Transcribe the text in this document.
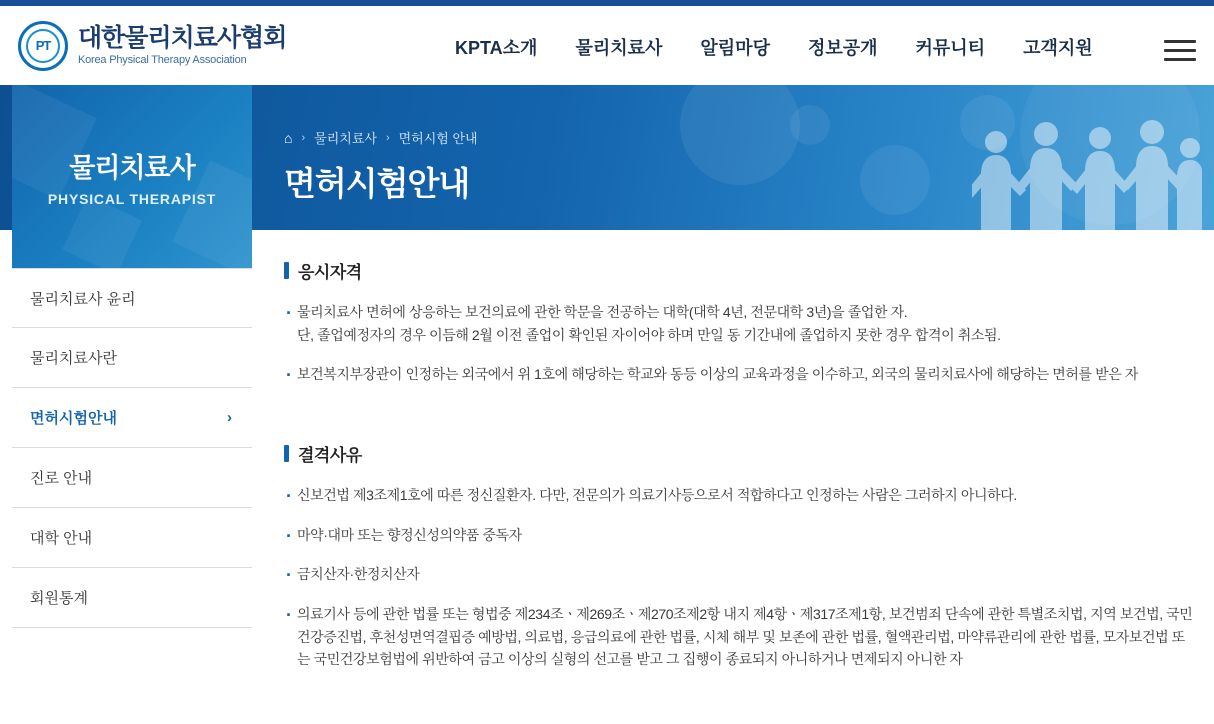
PT 대한물리치료사협회
Korea Physical Therapy Association
KPTA소개 물리치료사 알림마당 정보공개 커뮤니티 고객지원
⌂ › 물리치료사 › 면허시험 안내
면허시험안내
물리치료사
PHYSICAL THERAPIST
물리치료사 윤리
물리치료사란
면허시험안내	›
진로 안내
대학 안내
회원통계
응시자격
· 물리치료사 면허에 상응하는 보건의료에 관한 학문을 전공하는 대학(대학 4년, 전문대학 3년)을 졸업한 자.
단, 졸업예정자의 경우 이듬해 2월 이전 졸업이 확인된 자이어야 하며 만일 동 기간내에 졸업하지 못한 경우 합격이 취소됨.
· 보건복지부장관이 인정하는 외국에서 위 1호에 해당하는 학교와 동등 이상의 교육과정을 이수하고, 외국의 물리치료사에 해당하는 면허를 받은 자
결격사유
· 신보건법 제3조제1호에 따른 정신질환자. 다만, 전문의가 의료기사등으로서 적합하다고 인정하는 사람은 그러하지 아니하다.
· 마약·대마 또는 향정신성의약품 중독자
· 금치산자·한정치산자
· 의료기사 등에 관한 법률 또는 형법중 제234조ㆍ제269조ㆍ제270조제2항 내지 제4항ㆍ제317조제1항, 보건범죄 단속에 관한 특별조치법, 지역 보건법, 국민건강증진법, 후천성면역결핍증 예방법, 의료법, 응급의료에 관한 법률, 시체 해부 및 보존에 관한 법률, 혈액관리법, 마약류관리에 관한 법률, 모자보건법 또는 국민건강보험법에 위반하여 금고 이상의 실형의 선고를 받고 그 집행이 종료되지 아니하거나 면제되지 아니한 자
